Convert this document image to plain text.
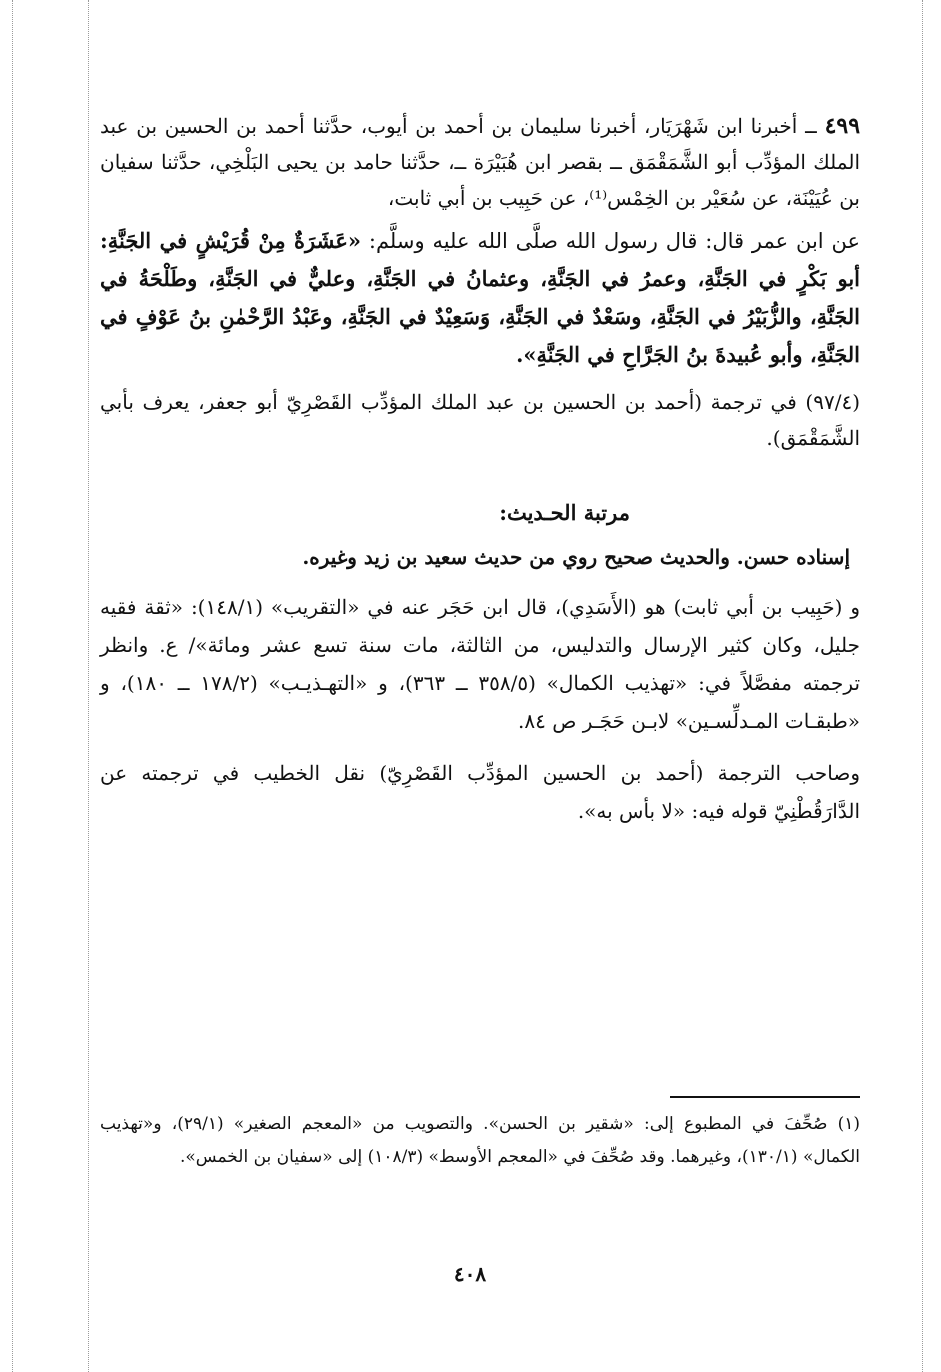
٤٩٩ ــ أخبرنا ابن شَهْرَيَار، أخبرنا سليمان بن أحمد بن أيوب، حدَّثنا أحمد بن الحسين بن عبد الملك المؤدِّب أبو الشَّمَقْمَق ــ بقصر ابن هُبَيْرَة ــ، حدَّثنا حامد بن يحيى البَلْخِي، حدَّثنا سفيان بن عُيَيْنَة، عن سُعَيْر بن الخِمْس⁽¹⁾، عن حَبِيب بن أبي ثابت،

عن ابن عمر قال: قال رسول الله صلَّى الله عليه وسلَّم: «عَشَرَةٌ مِنْ قُرَيْشٍ في الجَنَّةِ: أبو بَكْرٍ في الجَنَّةِ، وعمرُ في الجَنَّةِ، وعثمانُ في الجَنَّةِ، وعليٌّ في الجَنَّةِ، وطَلْحَةُ في الجَنَّةِ، والزُّبَيْرُ في الجَنَّةِ، وسَعْدٌ في الجَنَّةِ، وَسَعِيْدٌ في الجَنَّةِ، وعَبْدُ الرَّحْمٰنِ بنُ عَوْفٍ في الجَنَّةِ، وأبو عُبيدةَ بنُ الجَرَّاحِ في الجَنَّةِ».

(٩٧/٤) في ترجمة (أحمد بن الحسين بن عبد الملك المؤدِّب القَصْرِيّ أبو جعفر، يعرف بأبي الشَّمَقْمَق).

مرتبة الحـديث:

إسناده حسن. والحديث صحيح روي من حديث سعيد بن زيد وغيره.

و (حَبِيب بن أبي ثابت) هو (الأَسَدِي)، قال ابن حَجَر عنه في «التقريب» (١٤٨/١): «ثقة فقيه جليل، وكان كثير الإرسال والتدليس، من الثالثة، مات سنة تسع عشر ومائة»/ ع. وانظر ترجمته مفصَّلاً في: «تهذيب الكمال» (٣٥٨/٥ ــ ٣٦٣)، و «التهـذيـب» (١٧٨/٢ ــ ١٨٠)، و «طبقـات المـدلِّسـين» لابـن حَجَـر ص ٨٤.

وصاحب الترجمة (أحمد بن الحسين المؤدِّب القَصْرِيّ) نقل الخطيب في ترجمته عن الدَّارَقُطْنِيّ قوله فيه: «لا بأس به».

(١) صُحِّفَ في المطبوع إلى: «شقير بن الحسن». والتصويب من «المعجم الصغير» (٢٩/١)، و«تهذيب الكمال» (١٣٠/١)، وغيرهما. وقد صُحِّفَ في «المعجم الأوسط» (١٠٨/٣) إلى «سفيان بن الخمس».

٤٠٨
